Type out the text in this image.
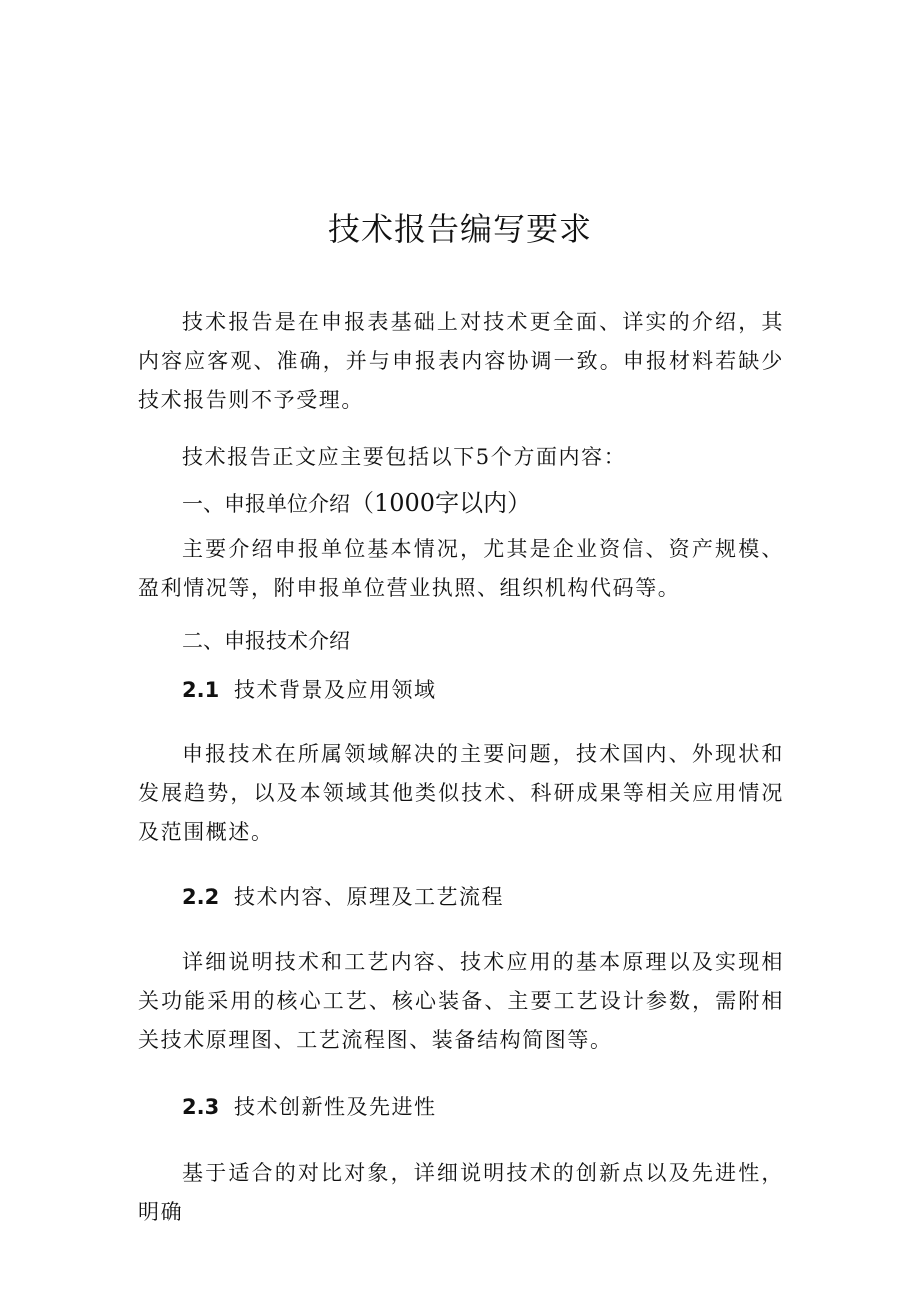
技术报告编写要求

技术报告是在申报表基础上对技术更全面、详实的介绍，其内容应客观、准确，并与申报表内容协调一致。申报材料若缺少技术报告则不予受理。

技术报告正文应主要包括以下5个方面内容：

一、申报单位介绍（1000字以内）

主要介绍申报单位基本情况，尤其是企业资信、资产规模、盈利情况等，附申报单位营业执照、组织机构代码等。

二、申报技术介绍
2.1 技术背景及应用领域

申报技术在所属领域解决的主要问题，技术国内、外现状和发展趋势，以及本领域其他类似技术、科研成果等相关应用情况及范围概述。

2.2 技术内容、原理及工艺流程

详细说明技术和工艺内容、技术应用的基本原理以及实现相关功能采用的核心工艺、核心装备、主要工艺设计参数，需附相关技术原理图、工艺流程图、装备结构简图等。

2.3 技术创新性及先进性

基于适合的对比对象，详细说明技术的创新点以及先进性，明确
